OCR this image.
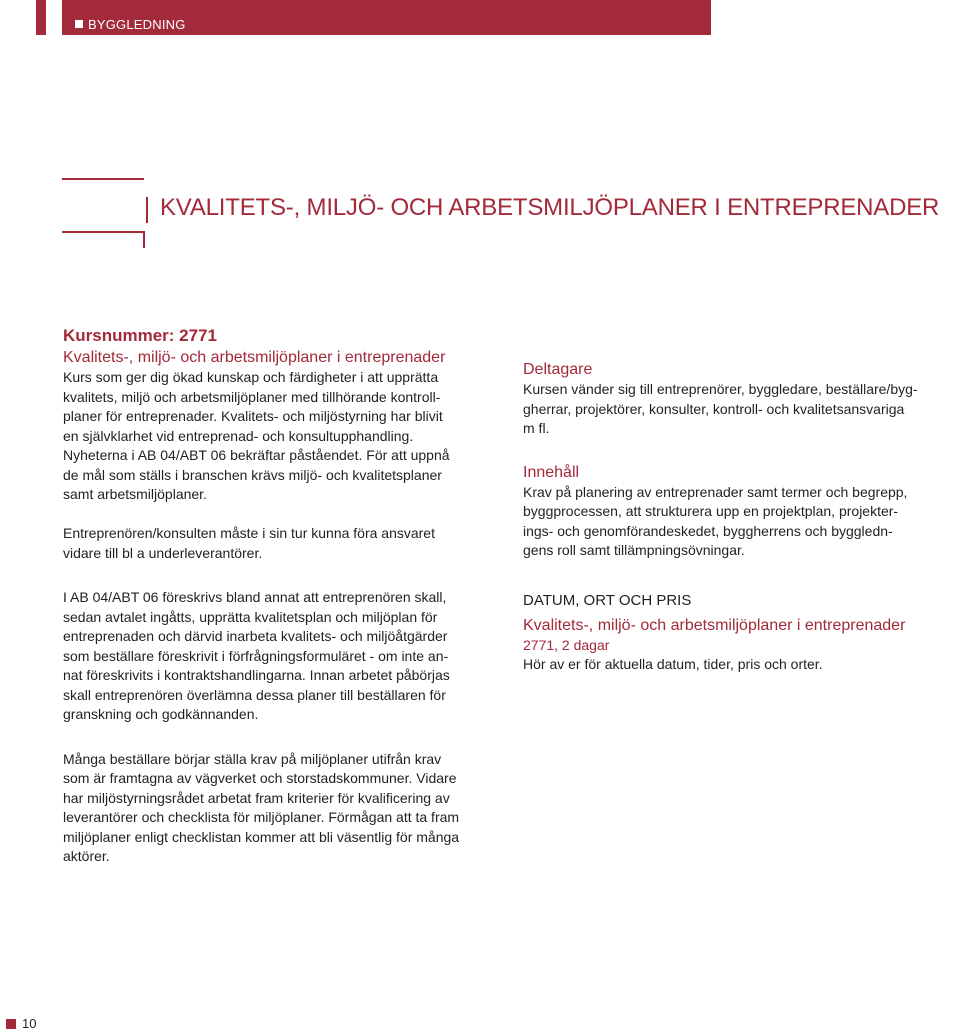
BYGGLEDNING
KVALITETS-, MILJÖ- OCH ARBETSMILJÖPLANER I ENTREPRENADER
Kursnummer: 2771

Kvalitets-, miljö- och arbetsmiljöplaner i entreprenader

Kurs som ger dig ökad kunskap och färdigheter i att upprätta
kvalitets, miljö och arbetsmiljöplaner med tillhörande kontroll-
planer för entreprenader. Kvalitets- och miljöstyrning har blivit
en självklarhet vid entreprenad- och konsultupphandling.
Nyheterna i AB 04/ABT 06 bekräftar påståendet. För att uppnå
de mål som ställs i branschen krävs miljö- och kvalitetsplaner
samt arbetsmiljöplaner.

Entreprenören/konsulten måste i sin tur kunna föra ansvaret
vidare till bl a underleverantörer.

I AB 04/ABT 06 föreskrivs bland annat att entreprenören skall,
sedan avtalet ingåtts, upprätta kvalitetsplan och miljöplan för
entreprenaden och därvid inarbeta kvalitets- och miljöåtgärder
som beställare föreskrivit i förfrågningsformuläret - om inte an-
nat föreskrivits i kontraktshandlingarna. Innan arbetet påbörjas
skall entreprenören överlämna dessa planer till beställaren för
granskning och godkännanden.

Många beställare börjar ställa krav på miljöplaner utifrån krav
som är framtagna av vägverket och storstadskommuner. Vidare
har miljöstyrningsrådet arbetat fram kriterier för kvalificering av
leverantörer och checklista för miljöplaner. Förmågan att ta fram
miljöplaner enligt checklistan kommer att bli väsentlig för många
aktörer.

Deltagare

Kursen vänder sig till entreprenörer, byggledare, beställare/byg-
gherrar, projektörer, konsulter, kontroll- och kvalitetsansvariga
m fl.

Innehåll

Krav på planering av entreprenader samt termer och begrepp,
byggprocessen, att strukturera upp en projektplan, projekter-
ings- och genomförandeskedet, byggherrens och byggledn-
gens roll samt tillämpningsövningar.

DATUM, ORT OCH PRIS

Kvalitets-, miljö- och arbetsmiljöplaner i entreprenader

2771, 2 dagar

Hör av er för aktuella datum, tider, pris och orter.

10
